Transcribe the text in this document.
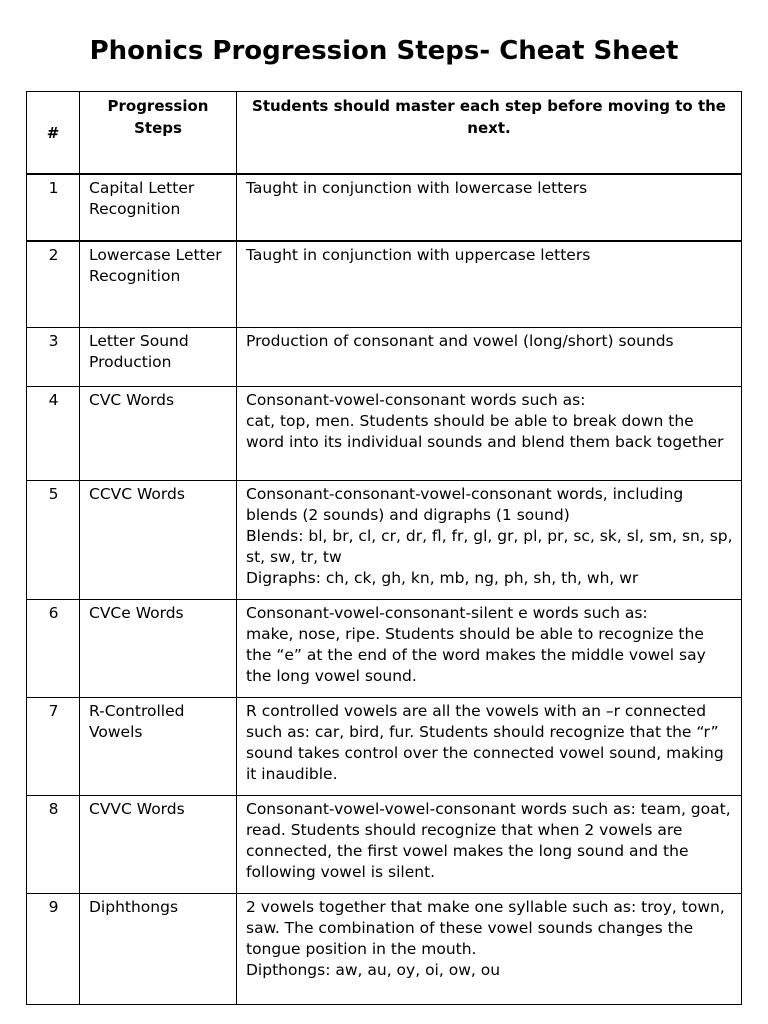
Phonics Progression Steps- Cheat Sheet
#	Progression Steps	Students should master each step before moving to the next.
1	Capital Letter Recognition	Taught in conjunction with lowercase letters

2	Lowercase Letter Recognition	Taught in conjunction with uppercase letters

3	Letter Sound Production	Production of consonant and vowel (long/short) sounds

4	CVC Words	Consonant-vowel-consonant words such as:
cat, top, men. Students should be able to break down the word into its individual sounds and blend them back together

5	CCVC Words	Consonant-consonant-vowel-consonant words, including blends (2 sounds) and digraphs (1 sound)
Blends: bl, br, cl, cr, dr, fl, fr, gl, gr, pl, pr, sc, sk, sl, sm, sn, sp, st, sw, tr, tw
Digraphs: ch, ck, gh, kn, mb, ng, ph, sh, th, wh, wr

6	CVCe Words	Consonant-vowel-consonant-silent e words such as:
make, nose, ripe. Students should be able to recognize the the “e” at the end of the word makes the middle vowel say the long vowel sound.

7	R-Controlled Vowels	R controlled vowels are all the vowels with an –r connected such as: car, bird, fur. Students should recognize that the “r” sound takes control over the connected vowel sound, making it inaudible.

8	CVVC Words	Consonant-vowel-vowel-consonant words such as: team, goat, read. Students should recognize that when 2 vowels are connected, the first vowel makes the long sound and the following vowel is silent.

9	Diphthongs	2 vowels together that make one syllable such as: troy, town, saw. The combination of these vowel sounds changes the tongue position in the mouth.
Dipthongs: aw, au, oy, oi, ow, ou
